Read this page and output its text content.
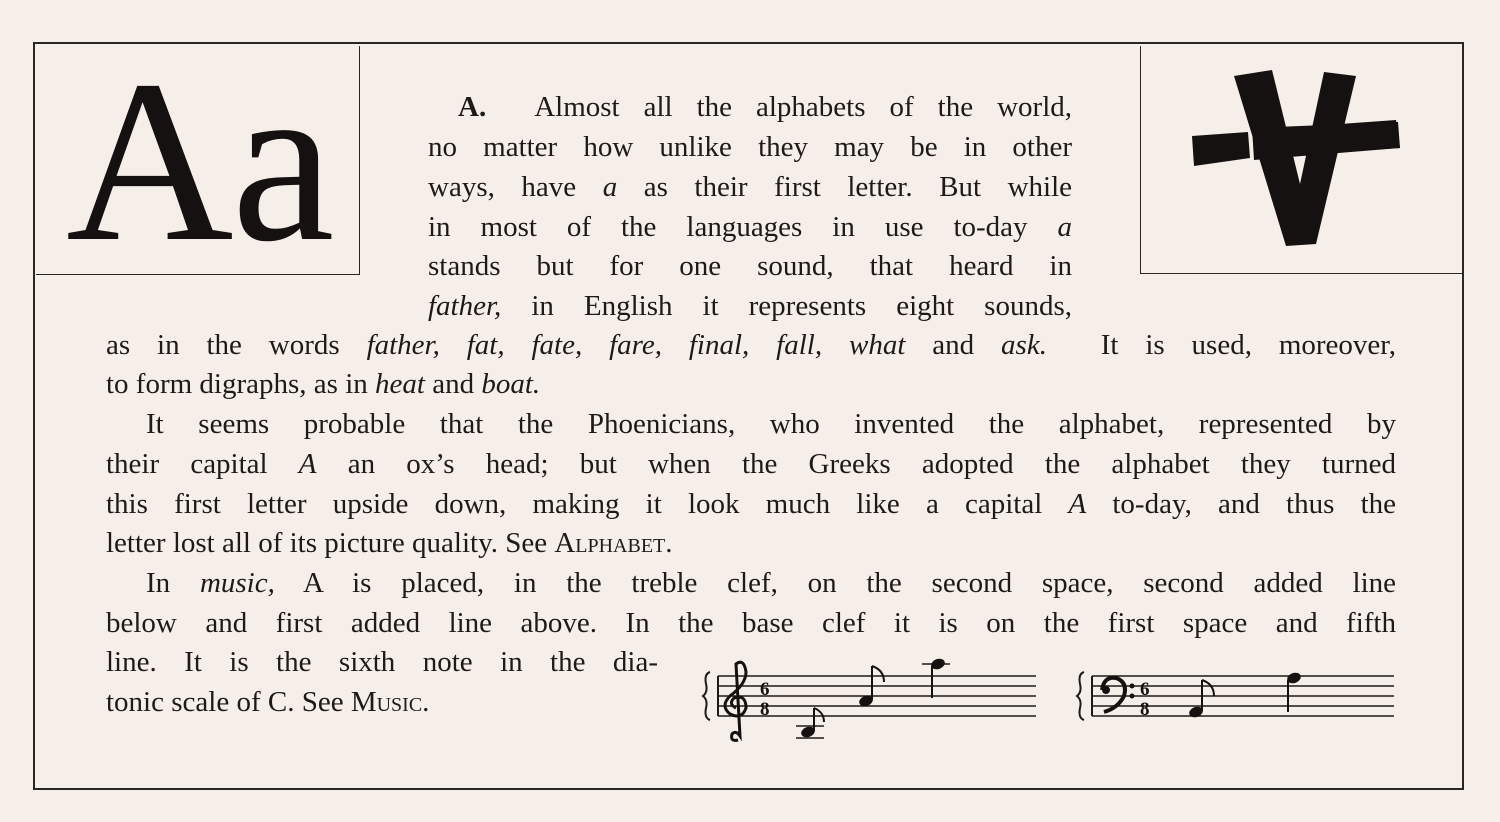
Aa	A. Almost all the alphabets of the world,
no matter how unlike they may be in other
ways, have a as their first letter. But while
in most of the languages in use to-day a
stands but for one sound, that heard in
father, in English it represents eight sounds,
as in the words father, fat, fate, fare, final, fall, what and ask. It is used, moreover,
to form digraphs, as in heat and boat.
It seems probable that the Phoenicians, who invented the alphabet, represented by
their capital A an ox’s head; but when the Greeks adopted the alphabet they turned
this first letter upside down, making it look much like a capital A to-day, and thus the
letter lost all of its picture quality. See Alphabet.
In music, A is placed, in the treble clef, on the second space, second added line
below and first added line above. In the base clef it is on the first space and fifth
line. It is the sixth note in the dia-
tonic scale of C. See Music.	6
8
6
8
